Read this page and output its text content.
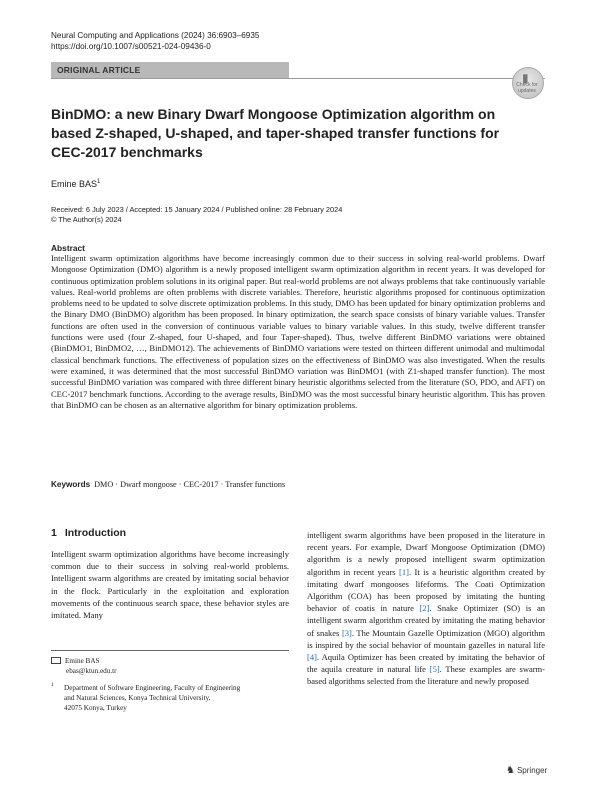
Neural Computing and Applications (2024) 36:6903–6935
https://doi.org/10.1007/s00521-024-09436-0
ORIGINAL ARTICLE
▮
Check for updates
BinDMO: a new Binary Dwarf Mongoose Optimization algorithm on based Z-shaped, U-shaped, and taper-shaped transfer functions for CEC-2017 benchmarks
Emine BAS$^1$
Received: 6 July 2023 / Accepted: 15 January 2024 / Published online: 28 February 2024
© The Author(s) 2024
Abstract

Intelligent swarm optimization algorithms have become increasingly common due to their success in solving real-world problems. Dwarf Mongoose Optimization (DMO) algorithm is a newly proposed intelligent swarm optimization algorithm in recent years. It was developed for continuous optimization problem solutions in its original paper. But real-world problems are not always problems that take continuously variable values. Real-world problems are often problems with discrete variables. Therefore, heuristic algorithms proposed for continuous optimization problems need to be updated to solve discrete optimization problems. In this study, DMO has been updated for binary optimization problems and the Binary DMO (BinDMO) algorithm has been proposed. In binary optimization, the search space consists of binary variable values. Transfer functions are often used in the conversion of continuous variable values to binary variable values. In this study, twelve different transfer functions were used (four Z-shaped, four U-shaped, and four Taper-shaped). Thus, twelve different BinDMO variations were obtained (BinDMO1, BinDMO2, …, BinDMO12). The achievements of BinDMO variations were tested on thirteen different unimodal and multimodal classical benchmark functions. The effectiveness of population sizes on the effectiveness of BinDMO was also investigated. When the results were examined, it was determined that the most successful BinDMO variation was BinDMO1 (with Z1-shaped transfer function). The most successful BinDMO variation was compared with three different binary heuristic algorithms selected from the literature (SO, PDO, and AFT) on CEC-2017 benchmark functions. According to the average results, BinDMO was the most successful binary heuristic algorithm. This has proven that BinDMO can be chosen as an alternative algorithm for binary optimization problems.

Keywords DMO · Dwarf mongoose · CEC-2017 · Transfer functions
1 Introduction

Intelligent swarm optimization algorithms have become increasingly common due to their success in solving real-world problems. Intelligent swarm algorithms are created by imitating social behavior in the flock. Particularly in the exploitation and exploration movements of the continuous search space, these behavior styles are imitated. Many

intelligent swarm algorithms have been proposed in the literature in recent years. For example, Dwarf Mongoose Optimization (DMO) algorithm is a newly proposed intelligent swarm optimization algorithm in recent years [1]. It is a heuristic algorithm created by imitating dwarf mongooses lifeforms. The Coati Optimization Algorithm (COA) has been proposed by imitating the hunting behavior of coatis in nature [2]. Snake Optimizer (SO) is an intelligent swarm algorithm created by imitating the mating behavior of snakes [3]. The Mountain Gazelle Optimization (MGO) algorithm is inspired by the social behavior of mountain gazelles in natural life [4]. Aquila Optimizer has been created by imitating the behavior of the aquila creature in natural life [5]. These examples are swarm-based algorithms selected from the literature and newly proposed

Emine BAS
ebas@ktun.edu.tr
1	Department of Software Engineering, Faculty of Engineering
and Natural Sciences, Konya Technical University,
42075 Konya, Turkey
♞ Springer
